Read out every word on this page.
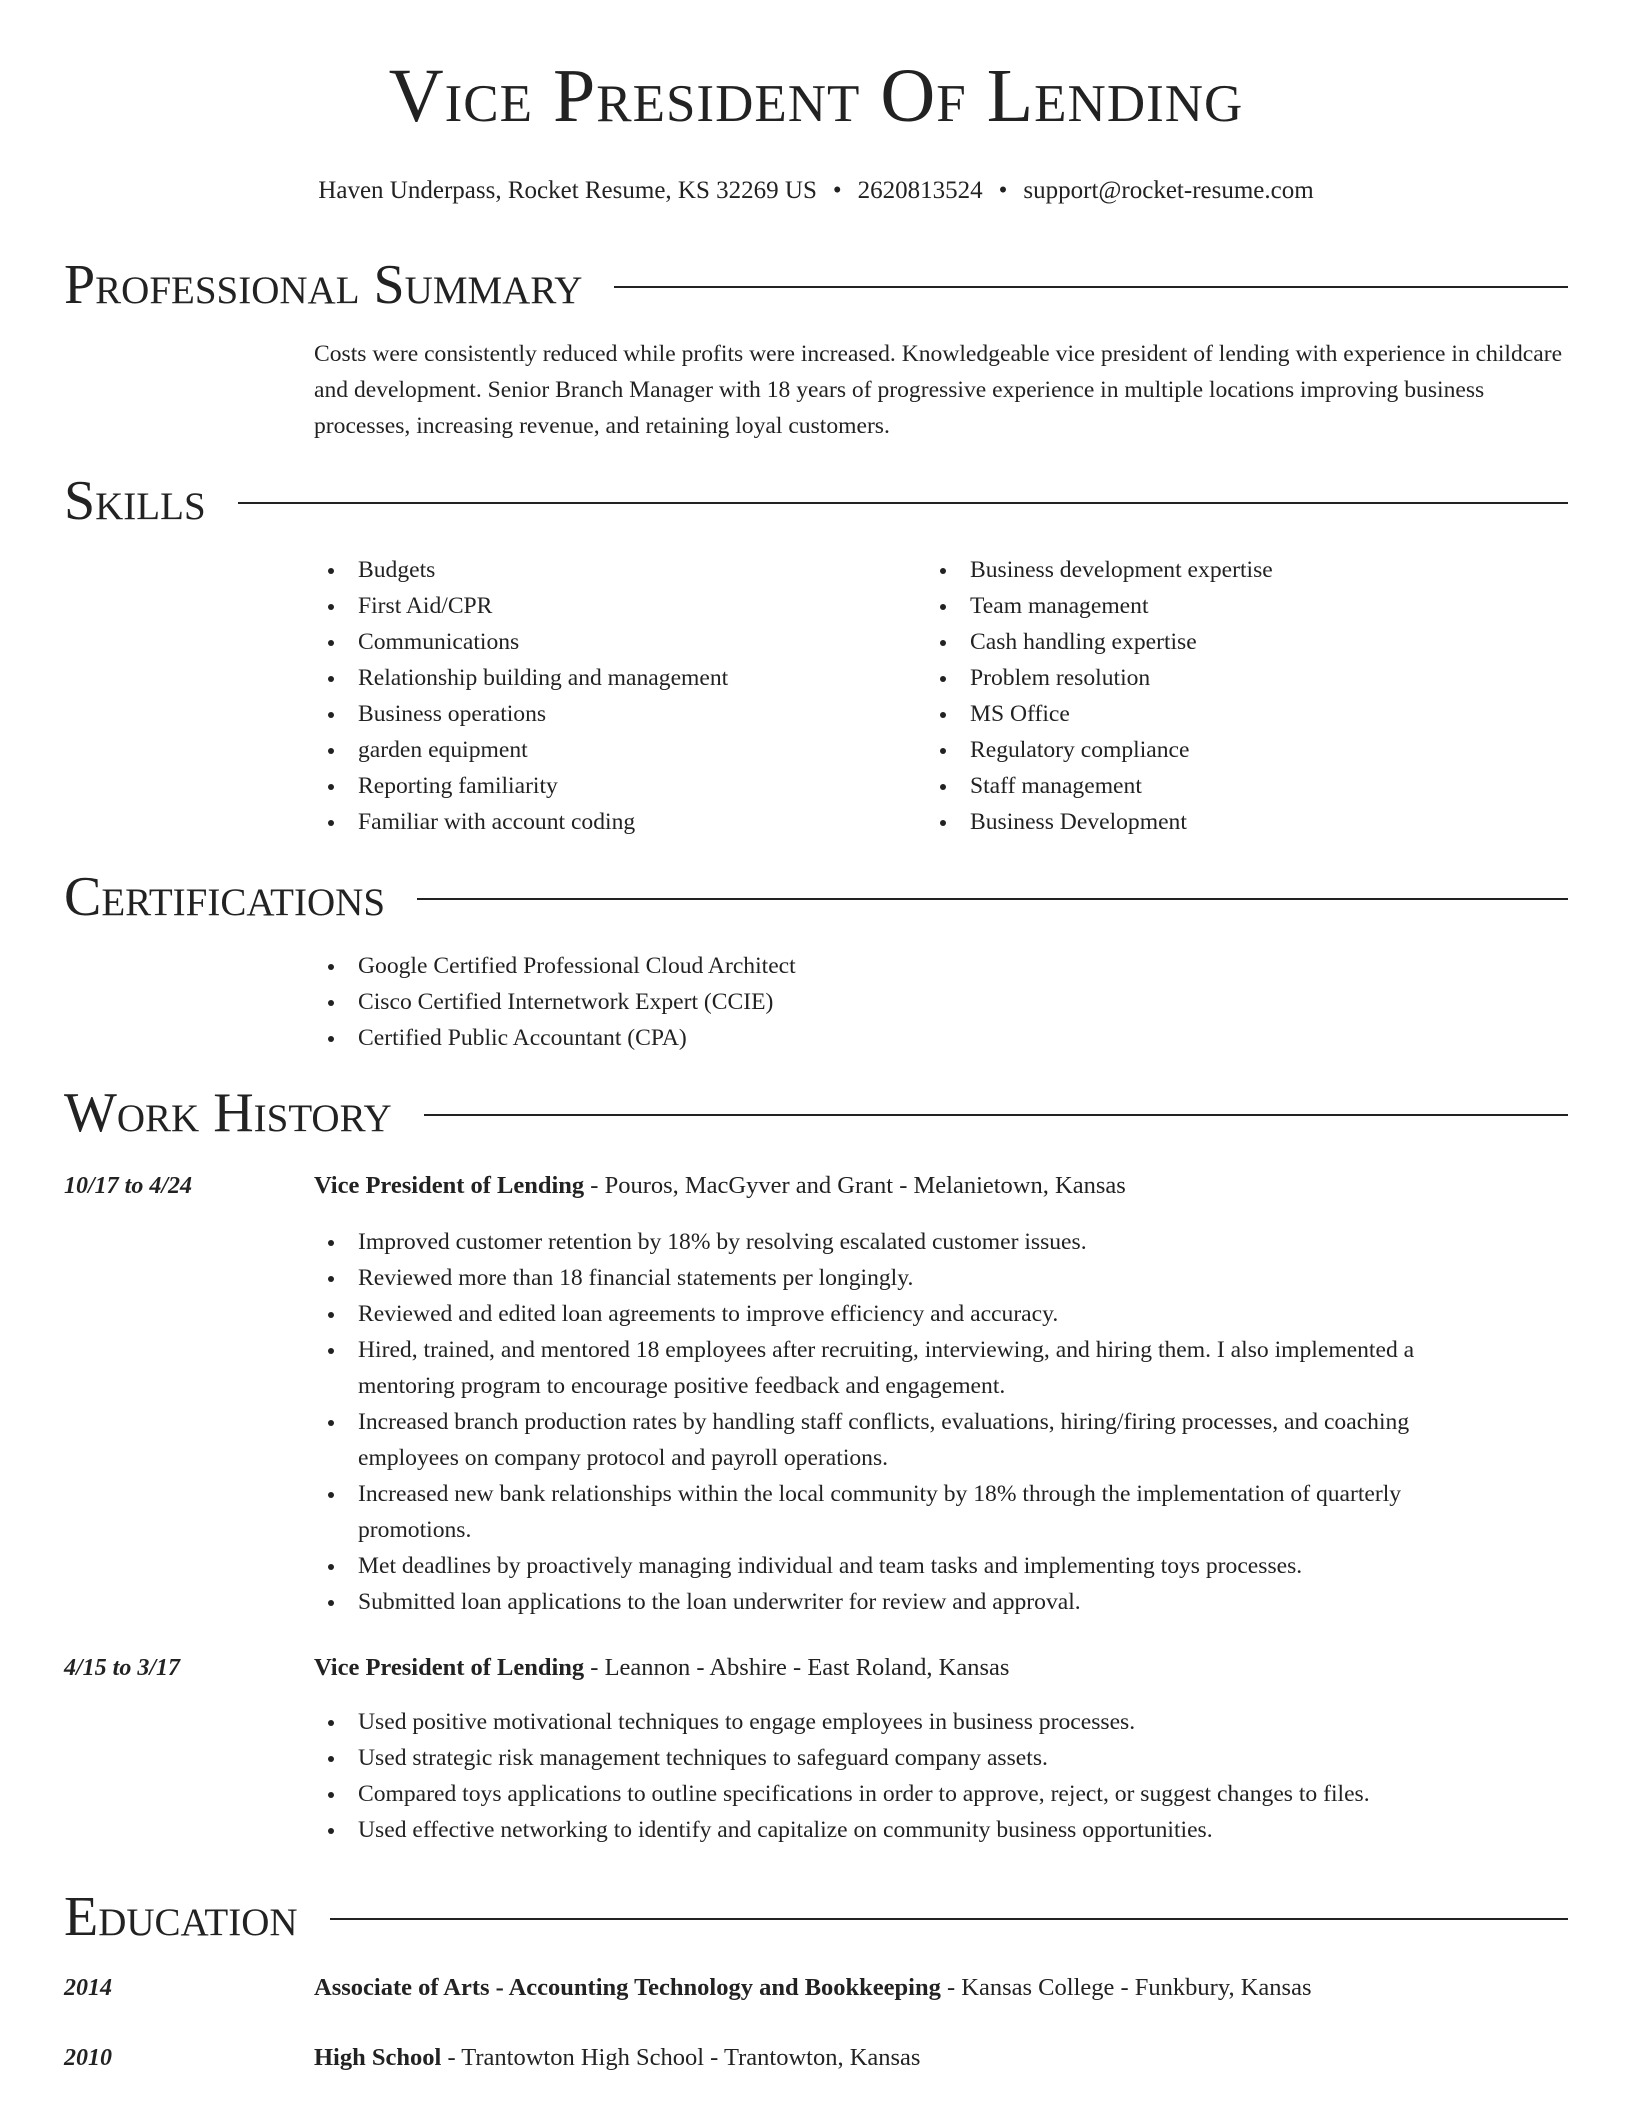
Vice President Of Lending
Haven Underpass, Rocket Resume, KS 32269 US • 2620813524 • support@rocket-resume.com
Professional Summary
Costs were consistently reduced while profits were increased. Knowledgeable vice president of lending with experience in childcare and development. Senior Branch Manager with 18 years of progressive experience in multiple locations improving business processes, increasing revenue, and retaining loyal customers.
Skills
Budgets
First Aid/CPR
Communications
Relationship building and management
Business operations
garden equipment
Reporting familiarity
Familiar with account coding
Business development expertise
Team management
Cash handling expertise
Problem resolution
MS Office
Regulatory compliance
Staff management
Business Development
Certifications
Google Certified Professional Cloud Architect
Cisco Certified Internetwork Expert (CCIE)
Certified Public Accountant (CPA)
Work History
10/17 to 4/24	Vice President of Lending - Pouros, MacGyver and Grant - Melanietown, Kansas
Improved customer retention by 18% by resolving escalated customer issues.
Reviewed more than 18 financial statements per longingly.
Reviewed and edited loan agreements to improve efficiency and accuracy.
Hired, trained, and mentored 18 employees after recruiting, interviewing, and hiring them. I also implemented a mentoring program to encourage positive feedback and engagement.
Increased branch production rates by handling staff conflicts, evaluations, hiring/firing processes, and coaching employees on company protocol and payroll operations.
Increased new bank relationships within the local community by 18% through the implementation of quarterly promotions.
Met deadlines by proactively managing individual and team tasks and implementing toys processes.
Submitted loan applications to the loan underwriter for review and approval.
4/15 to 3/17	Vice President of Lending - Leannon - Abshire - East Roland, Kansas
Used positive motivational techniques to engage employees in business processes.
Used strategic risk management techniques to safeguard company assets.
Compared toys applications to outline specifications in order to approve, reject, or suggest changes to files.
Used effective networking to identify and capitalize on community business opportunities.
Education
2014	Associate of Arts - Accounting Technology and Bookkeeping - Kansas College - Funkbury, Kansas
2010	High School - Trantowton High School - Trantowton, Kansas
